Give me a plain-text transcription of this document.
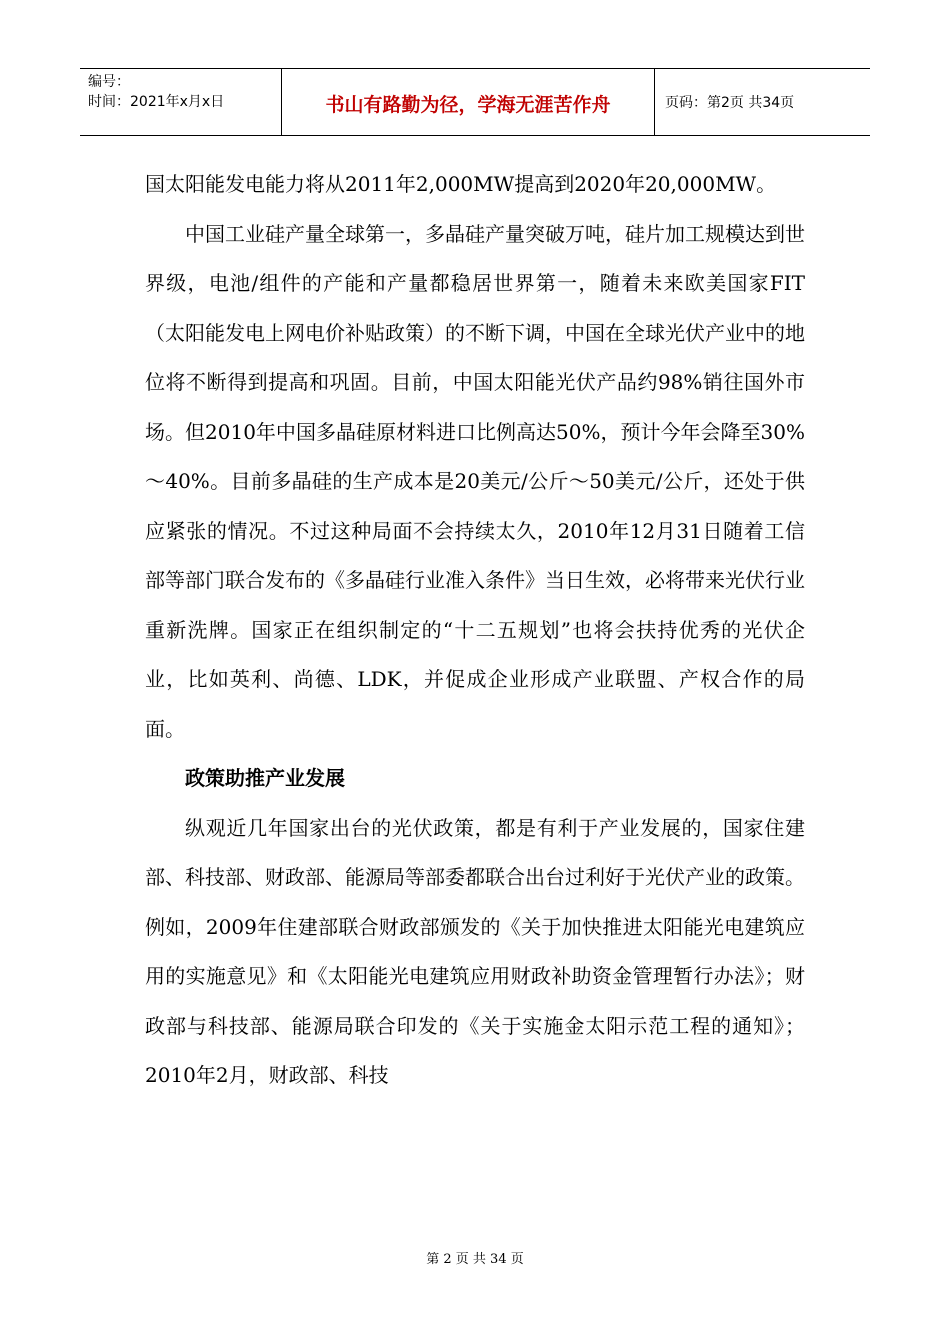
编号：
时间：2021年x月x日	书山有路勤为径，学海无涯苦作舟	页码：第2页 共34页

国太阳能发电能力将从2011年2,000MW提高到2020年20,000MW。

中国工业硅产量全球第一，多晶硅产量突破万吨，硅片加工规模达到世界级，电池/组件的产能和产量都稳居世界第一，随着未来欧美国家FIT（太阳能发电上网电价补贴政策）的不断下调，中国在全球光伏产业中的地位将不断得到提高和巩固。目前，中国太阳能光伏产品约98%销往国外市场。但2010年中国多晶硅原材料进口比例高达50%，预计今年会降至30%～40%。目前多晶硅的生产成本是20美元/公斤～50美元/公斤，还处于供应紧张的情况。不过这种局面不会持续太久，2010年12月31日随着工信部等部门联合发布的《多晶硅行业准入条件》当日生效，必将带来光伏行业重新洗牌。国家正在组织制定的“十二五规划”也将会扶持优秀的光伏企业，比如英利、尚德、LDK，并促成企业形成产业联盟、产权合作的局面。

政策助推产业发展

纵观近几年国家出台的光伏政策，都是有利于产业发展的，国家住建部、科技部、财政部、能源局等部委都联合出台过利好于光伏产业的政策。例如，2009年住建部联合财政部颁发的《关于加快推进太阳能光电建筑应用的实施意见》和《太阳能光电建筑应用财政补助资金管理暂行办法》；财政部与科技部、能源局联合印发的《关于实施金太阳示范工程的通知》；2010年2月，财政部、科技

第 2 页 共 34 页
